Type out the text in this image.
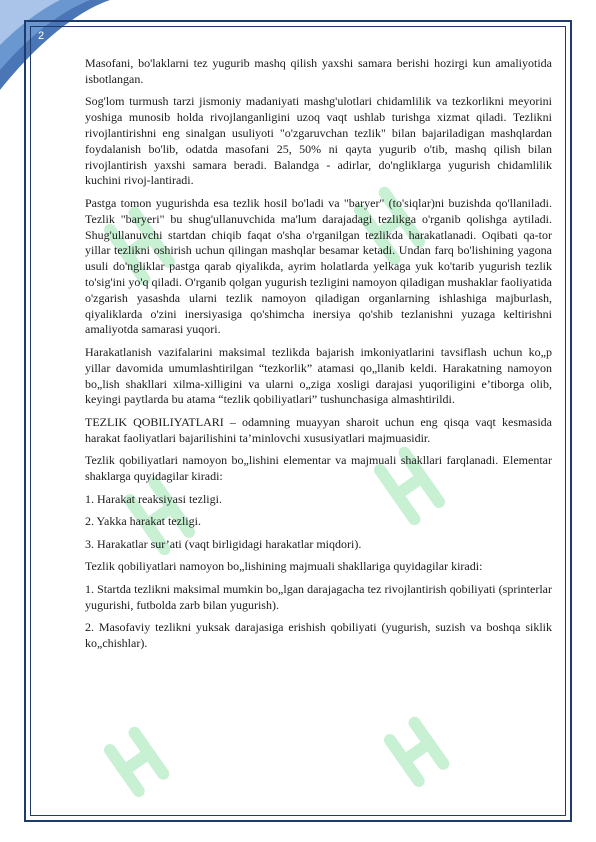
2

Masofani, bo'laklarni tez yugurib mashq qilish yaxshi samara berishi hozirgi kun amaliyotida isbotlangan.

Sog'lom turmush tarzi jismoniy madaniyati mashg'ulotlari chidamlilik va tezkorlikni meyorini yoshiga munosib holda rivojlanganligini uzoq vaqt ushlab turishga xizmat qiladi. Tezlikni rivojlantirishni eng sinalgan usuliyoti "o'zgaruvchan tezlik" bilan bajariladigan mashqlardan foydalanish bo'lib, odatda masofani 25, 50% ni qayta yugurib o'tib, mashq qilish bilan rivojlantirish yaxshi samara beradi. Balandga - adirlar, do'ngliklarga yugurish chidamlilik kuchini rivoj-lantiradi.

Pastga tomon yugurishda esa tezlik hosil bo'ladi va "baryer" (to'siqlar)ni buzishda qo'llaniladi. Tezlik "baryeri" bu shug'ullanuvchida ma'lum darajadagi tezlikga o'rganib qolishga aytiladi. Shug'ullanuvchi startdan chiqib faqat o'sha o'rganilgan tezlikda harakatlanadi. Oqibati qa-tor yillar tezlikni oshirish uchun qilingan mashqlar besamar ketadi. Undan farq bo'lishining yagona usuli do'ngliklar pastga qarab qiyalikda, ayrim holatlarda yelkaga yuk ko'tarib yugurish tezlik to'sig'ini yo'q qiladi. O'rganib qolgan yugurish tezligini namoyon qiladigan mushaklar faoliyatida o'zgarish yasashda ularni tezlik namoyon qiladigan organlarning ishlashiga majburlash, qiyaliklarda o'zini inersiyasiga qo'shimcha inersiya qo'shib tezlanishni yuzaga keltirishni amaliyotda samarasi yuqori.

Harakatlanish vazifalarini maksimal tezlikda bajarish imkoniyatlarini tavsiflash uchun ko„p yillar davomida umumlashtirilgan “tezkorlik” atamasi qo„llanib keldi. Harakatning namoyon bo„lish shakllari xilma-xilligini va ularni o„ziga xosligi darajasi yuqoriligini e’tiborga olib, keyingi paytlarda bu atama “tezlik qobiliyatlari” tushunchasiga almashtirildi.

TEZLIK QOBILIYATLARI – odamning muayyan sharoit uchun eng qisqa vaqt kesmasida harakat faoliyatlari bajarilishini ta’minlovchi xususiyatlari majmuasidir.

Tezlik qobiliyatlari namoyon bo„lishini elementar va majmuali shakllari farqlanadi. Elementar shaklarga quyidagilar kiradi:

1. Harakat reaksiyasi tezligi.

2. Yakka harakat tezligi.

3. Harakatlar sur’ati (vaqt birligidagi harakatlar miqdori).

Tezlik qobiliyatlari namoyon bo„lishining majmuali shakllariga quyidagilar kiradi:

1. Startda tezlikni maksimal mumkin bo„lgan darajagacha tez rivojlantirish qobiliyati (sprinterlar yugurishi, futbolda zarb bilan yugurish).

2. Masofaviy tezlikni yuksak darajasiga erishish qobiliyati (yugurish, suzish va boshqa siklik ko„chishlar).
